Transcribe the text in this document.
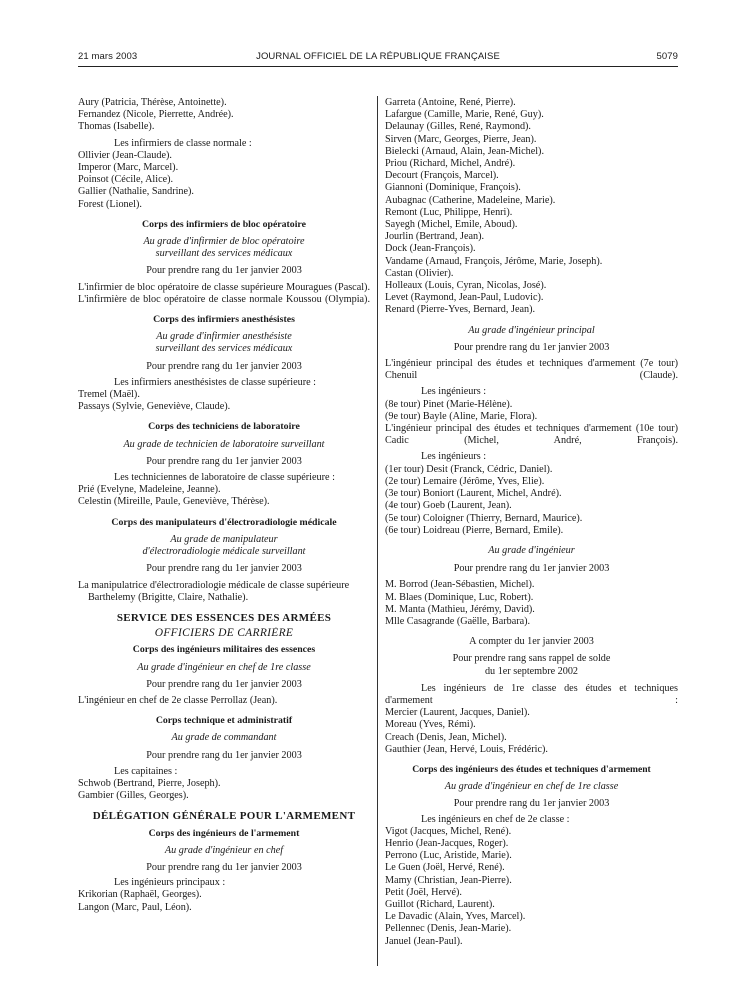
21 mars 2003	JOURNAL OFFICIEL DE LA RÉPUBLIQUE FRANÇAISE	5079
Aury (Patricia, Thérèse, Antoinette).
Fernandez (Nicole, Pierrette, Andrée).
Thomas (Isabelle).
Les infirmiers de classe normale :
Ollivier (Jean-Claude).
Imperor (Marc, Marcel).
Poinsot (Cécile, Alice).
Gallier (Nathalie, Sandrine).
Forest (Lionel).
Corps des infirmiers de bloc opératoire
Au grade d'infirmier de bloc opératoire
surveillant des services médicaux
Pour prendre rang du 1er janvier 2003
L'infirmier de bloc opératoire de classe supérieure Mouragues (Pascal).
L'infirmière de bloc opératoire de classe normale Koussou (Olympia).
Corps des infirmiers anesthésistes
Au grade d'infirmier anesthésiste
surveillant des services médicaux
Pour prendre rang du 1er janvier 2003
Les infirmiers anesthésistes de classe supérieure :
Tremel (Maël).
Passays (Sylvie, Geneviève, Claude).
Corps des techniciens de laboratoire
Au grade de technicien de laboratoire surveillant
Pour prendre rang du 1er janvier 2003
Les techniciennes de laboratoire de classe supérieure :
Prié (Evelyne, Madeleine, Jeanne).
Celestin (Mireille, Paule, Geneviève, Thérèse).
Corps des manipulateurs d'électroradiologie médicale
Au grade de manipulateur
d'électroradiologie médicale surveillant
Pour prendre rang du 1er janvier 2003
La manipulatrice d'électroradiologie médicale de classe supérieure Barthelemy (Brigitte, Claire, Nathalie).
SERVICE DES ESSENCES DES ARMÉES
OFFICIERS DE CARRIÈRE
Corps des ingénieurs militaires des essences
Au grade d'ingénieur en chef de 1re classe
Pour prendre rang du 1er janvier 2003
L'ingénieur en chef de 2e classe Perrollaz (Jean).
Corps technique et administratif
Au grade de commandant
Pour prendre rang du 1er janvier 2003
Les capitaines :
Schwob (Bertrand, Pierre, Joseph).
Gambier (Gilles, Georges).
DÉLÉGATION GÉNÉRALE POUR L'ARMEMENT
Corps des ingénieurs de l'armement
Au grade d'ingénieur en chef
Pour prendre rang du 1er janvier 2003
Les ingénieurs principaux :
Krikorian (Raphaël, Georges).
Langon (Marc, Paul, Léon).
Garreta (Antoine, René, Pierre).
Lafargue (Camille, Marie, René, Guy).
Delaunay (Gilles, René, Raymond).
Sirven (Marc, Georges, Pierre, Jean).
Bielecki (Arnaud, Alain, Jean-Michel).
Priou (Richard, Michel, André).
Decourt (François, Marcel).
Giannoni (Dominique, François).
Aubagnac (Catherine, Madeleine, Marie).
Remont (Luc, Philippe, Henri).
Sayegh (Michel, Emile, Aboud).
Jourlin (Bertrand, Jean).
Dock (Jean-François).
Vandame (Arnaud, François, Jérôme, Marie, Joseph).
Castan (Olivier).
Holleaux (Louis, Cyran, Nicolas, José).
Levet (Raymond, Jean-Paul, Ludovic).
Renard (Pierre-Yves, Bernard, Jean).
Au grade d'ingénieur principal
Pour prendre rang du 1er janvier 2003
L'ingénieur principal des études et techniques d'armement (7e tour) Chenuil (Claude).
Les ingénieurs :
(8e tour) Pinet (Marie-Hélène).
(9e tour) Bayle (Aline, Marie, Flora).
L'ingénieur principal des études et techniques d'armement (10e tour) Cadic (Michel, André, François).
Les ingénieurs :
(1er tour) Desit (Franck, Cédric, Daniel).
(2e tour) Lemaire (Jérôme, Yves, Elie).
(3e tour) Boniort (Laurent, Michel, André).
(4e tour) Goeb (Laurent, Jean).
(5e tour) Coloigner (Thierry, Bernard, Maurice).
(6e tour) Loidreau (Pierre, Bernard, Émile).
Au grade d'ingénieur
Pour prendre rang du 1er janvier 2003
M. Borrod (Jean-Sébastien, Michel).
M. Blaes (Dominique, Luc, Robert).
M. Manta (Mathieu, Jérémy, David).
Mlle Casagrande (Gaëlle, Barbara).
A compter du 1er janvier 2003
Pour prendre rang sans rappel de solde
du 1er septembre 2002
Les ingénieurs de 1re classe des études et techniques d'armement :
Mercier (Laurent, Jacques, Daniel).
Moreau (Yves, Rémi).
Creach (Denis, Jean, Michel).
Gauthier (Jean, Hervé, Louis, Frédéric).
Corps des ingénieurs des études et techniques d'armement
Au grade d'ingénieur en chef de 1re classe
Pour prendre rang du 1er janvier 2003
Les ingénieurs en chef de 2e classe :
Vigot (Jacques, Michel, René).
Henrio (Jean-Jacques, Roger).
Perrono (Luc, Aristide, Marie).
Le Guen (Joël, Hervé, René).
Mamy (Christian, Jean-Pierre).
Petit (Joël, Hervé).
Guillot (Richard, Laurent).
Le Davadic (Alain, Yves, Marcel).
Pellennec (Denis, Jean-Marie).
Januel (Jean-Paul).
